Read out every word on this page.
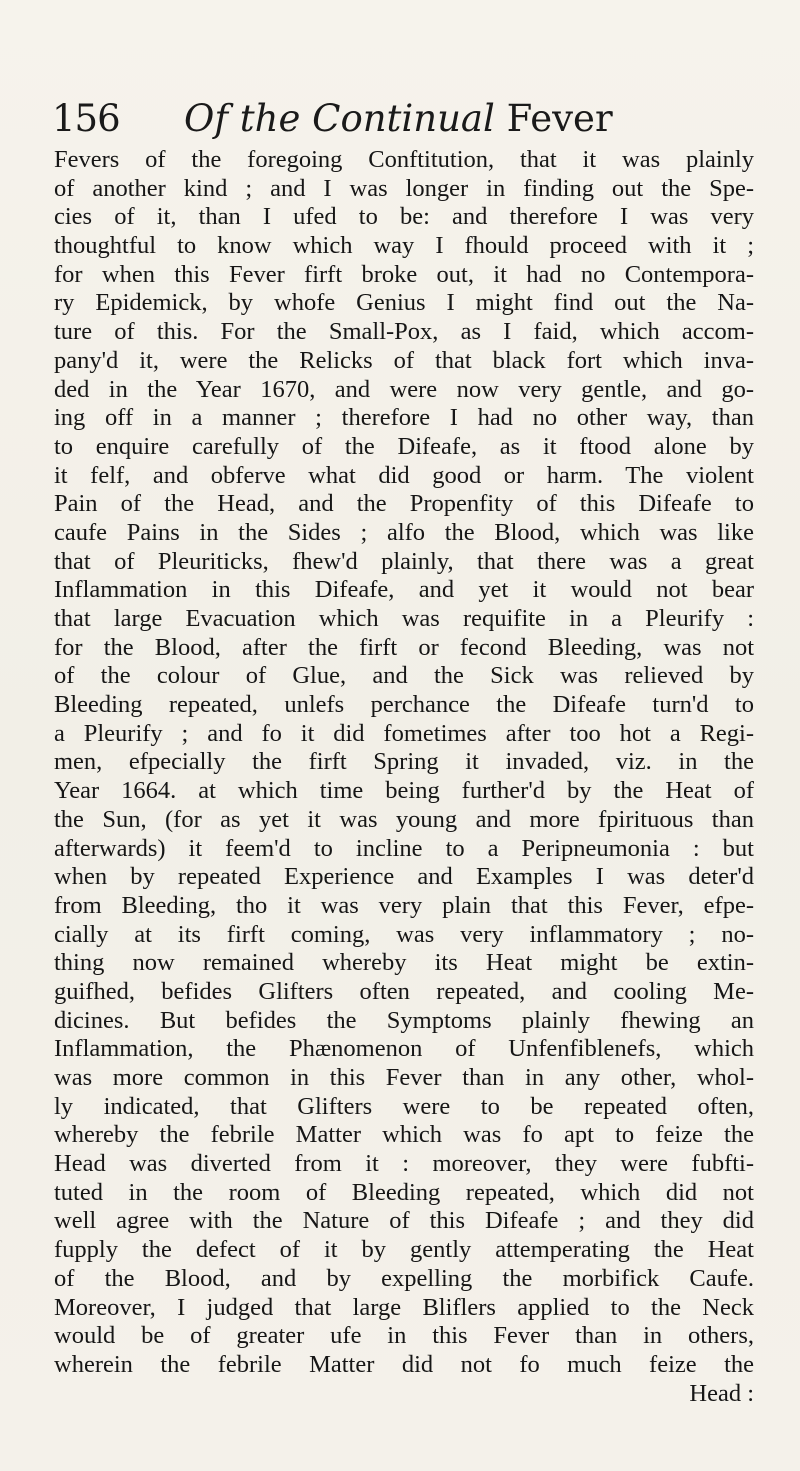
156 Of the Continual Fever
Fevers of the foregoing Conftitution, that it was plainly
of another kind ; and I was longer in finding out the Spe-
cies of it, than I ufed to be: and therefore I was very
thoughtful to know which way I fhould proceed with it ;
for when this Fever firft broke out, it had no Contempora-
ry Epidemick, by whofe Genius I might find out the Na-
ture of this. For the Small-Pox, as I faid, which accom-
pany'd it, were the Relicks of that black fort which inva-
ded in the Year 1670, and were now very gentle, and go-
ing off in a manner ; therefore I had no other way, than
to enquire carefully of the Difeafe, as it ftood alone by
it felf, and obferve what did good or harm. The violent
Pain of the Head, and the Propenfity of this Difeafe to
caufe Pains in the Sides ; alfo the Blood, which was like
that of Pleuriticks, fhew'd plainly, that there was a great
Inflammation in this Difeafe, and yet it would not bear
that large Evacuation which was requifite in a Pleurify :
for the Blood, after the firft or fecond Bleeding, was not
of the colour of Glue, and the Sick was relieved by
Bleeding repeated, unlefs perchance the Difeafe turn'd to
a Pleurify ; and fo it did fometimes after too hot a Regi-
men, efpecially the firft Spring it invaded, viz. in the
Year 1664. at which time being further'd by the Heat of
the Sun, (for as yet it was young and more fpirituous than
afterwards) it feem'd to incline to a Peripneumonia : but
when by repeated Experience and Examples I was deter'd
from Bleeding, tho it was very plain that this Fever, efpe-
cially at its firft coming, was very inflammatory ; no-
thing now remained whereby its Heat might be extin-
guifhed, befides Glifters often repeated, and cooling Me-
dicines. But befides the Symptoms plainly fhewing an
Inflammation, the Phænomenon of Unfenfiblenefs, which
was more common in this Fever than in any other, whol-
ly indicated, that Glifters were to be repeated often,
whereby the febrile Matter which was fo apt to feize the
Head was diverted from it : moreover, they were fubfti-
tuted in the room of Bleeding repeated, which did not
well agree with the Nature of this Difeafe ; and they did
fupply the defect of it by gently attemperating the Heat
of the Blood, and by expelling the morbifick Caufe.
Moreover, I judged that large Bliflers applied to the Neck
would be of greater ufe in this Fever than in others,
wherein the febrile Matter did not fo much feize the
Head :
